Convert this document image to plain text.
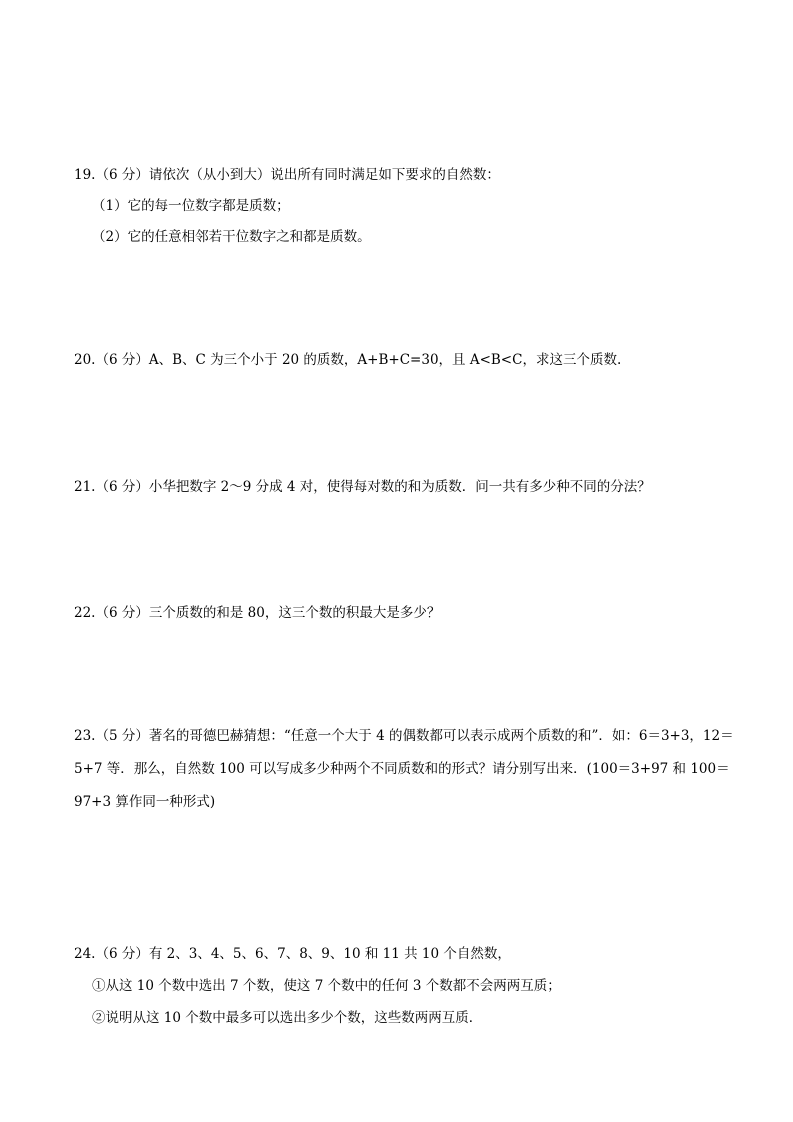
19.（6 分）请依次（从小到大）说出所有同时满足如下要求的自然数：
（1）它的每一位数字都是质数；
（2）它的任意相邻若干位数字之和都是质数。
20.（6 分）A、B、C 为三个小于 20 的质数，A+B+C=30，且 A<B<C，求这三个质数.
21.（6 分）小华把数字 2～9 分成 4 对，使得每对数的和为质数．问一共有多少种不同的分法？
22.（6 分）三个质数的和是 80，这三个数的积最大是多少？
23.（5 分）著名的哥德巴赫猜想：“任意一个大于 4 的偶数都可以表示成两个质数的和”．如：6＝3+3，12＝5+7 等．那么，自然数 100 可以写成多少种两个不同质数和的形式？请分别写出来．(100＝3+97 和 100＝97+3 算作同一种形式)
24.（6 分）有 2、3、4、5、6、7、8、9、10 和 11 共 10 个自然数，
①从这 10 个数中选出 7 个数，使这 7 个数中的任何 3 个数都不会两两互质；
②说明从这 10 个数中最多可以选出多少个数，这些数两两互质．
